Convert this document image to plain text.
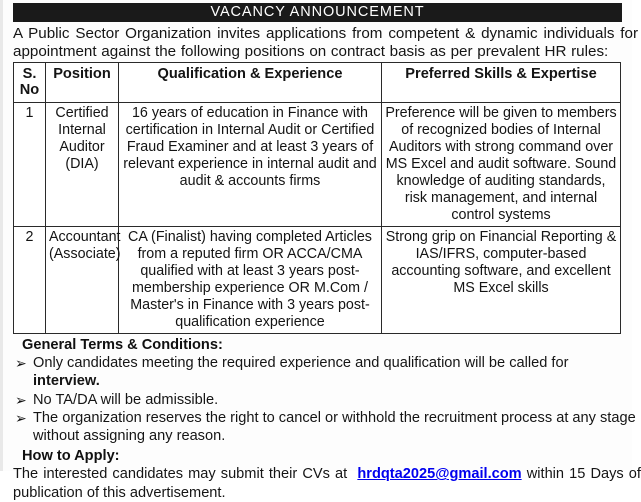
VACANCY ANNOUNCEMENT
A Public Sector Organization invites applications from competent & dynamic individuals for appointment against the following positions on contract basis as per prevalent HR rules:
S. No	Position	Qualification & Experience	Preferred Skills & Expertise
1	Certified Internal Auditor (DIA)	16 years of education in Finance with certification in Internal Audit or Certified Fraud Examiner and at least 3 years of relevant experience in internal audit and audit & accounts firms	Preference will be given to members of recognized bodies of Internal Auditors with strong command over MS Excel and audit software. Sound knowledge of auditing standards, risk management, and internal control systems
2	Accountant (Associate)	CA (Finalist) having completed Articles from a reputed firm OR ACCA/CMA qualified with at least 3 years post-membership experience OR M.Com / Master's in Finance with 3 years post-qualification experience	Strong grip on Financial Reporting & IAS/IFRS, computer-based accounting software, and excellent MS Excel skills
General Terms & Conditions:
➢ Only candidates meeting the required experience and qualification will be called for interview.
➢ No TA/DA will be admissible.
➢ The organization reserves the right to cancel or withhold the recruitment process at any stage without assigning any reason.
How to Apply:
The interested candidates may submit their CVs at  hrdqta2025@gmail.com within 15 Days of publication of this advertisement.
